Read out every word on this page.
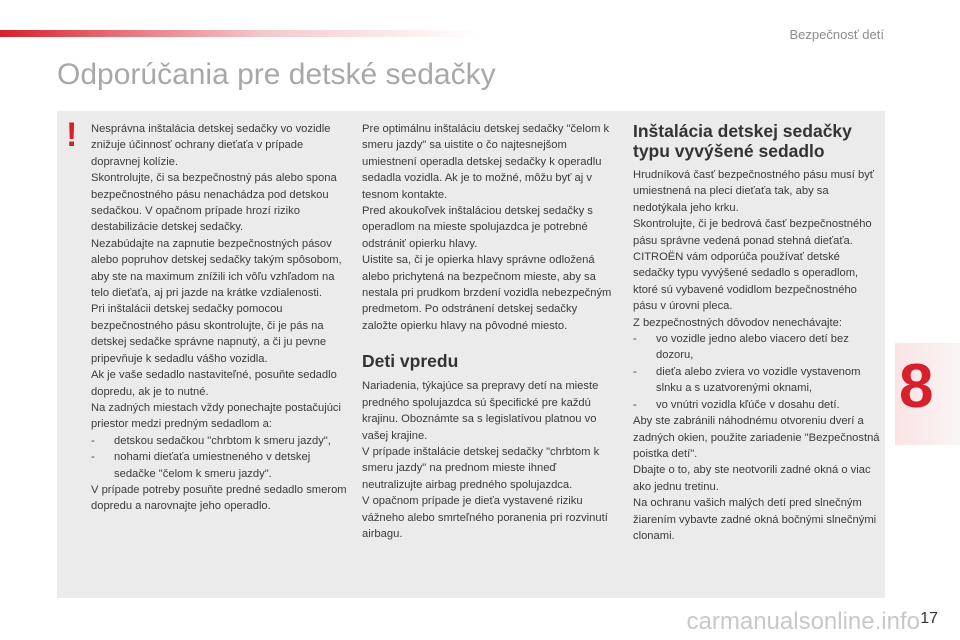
Bezpečnosť detí
Odporúčania pre detské sedačky
! Nesprávna inštalácia detskej sedačky vo vozidle znižuje účinnosť ochrany dieťaťa v prípade dopravnej kolízie.

Skontrolujte, či sa bezpečnostný pás alebo spona bezpečnostného pásu nenachádza pod detskou sedačkou. V opačnom prípade hrozí riziko destabilizácie detskej sedačky.

Nezabúdajte na zapnutie bezpečnostných pásov alebo popruhov detskej sedačky takým spôsobom, aby ste na maximum znížili ich vôľu vzhľadom na telo dieťaťa, aj pri jazde na krátke vzdialenosti.

Pri inštalácii detskej sedačky pomocou bezpečnostného pásu skontrolujte, či je pás na detskej sedačke správne napnutý, a či ju pevne pripevňuje k sedadlu vášho vozidla.

Ak je vaše sedadlo nastaviteľné, posuňte sedadlo dopredu, ak je to nutné.

Na zadných miestach vždy ponechajte postačujúci priestor medzi predným sedadlom a:

- detskou sedačkou "chrbtom k smeru jazdy",
- nohami dieťaťa umiestneného v detskej sedačke "čelom k smeru jazdy".

V prípade potreby posuňte predné sedadlo smerom dopredu a narovnajte jeho operadlo.

Pre optimálnu inštaláciu detskej sedačky "čelom k smeru jazdy" sa uistite o čo najtesnejšom umiestnení operadla detskej sedačky k operadlu sedadla vozidla. Ak je to možné, môžu byť aj v tesnom kontakte.

Pred akoukoľvek inštaláciou detskej sedačky s operadlom na mieste spolujazdca je potrebné odstrániť opierku hlavy.

Uistite sa, či je opierka hlavy správne odložená alebo prichytená na bezpečnom mieste, aby sa nestala pri prudkom brzdení vozidla nebezpečným predmetom. Po odstránení detskej sedačky založte opierku hlavy na pôvodné miesto.

Deti vpredu

Nariadenia, týkajúce sa prepravy detí na mieste predného spolujazdca sú špecifické pre každú krajinu. Oboznámte sa s legislatívou platnou vo vašej krajine.

V prípade inštalácie detskej sedačky "chrbtom k smeru jazdy" na prednom mieste ihneď neutralizujte airbag predného spolujazdca.

V opačnom prípade je dieťa vystavené riziku vážneho alebo smrteľného poranenia pri rozvinutí airbagu.

Inštalácia detskej sedačky typu vyvýšené sedadlo

Hrudníková časť bezpečnostného pásu musí byť umiestnená na pleci dieťaťa tak, aby sa nedotýkala jeho krku.

Skontrolujte, či je bedrová časť bezpečnostného pásu správne vedená ponad stehná dieťaťa.

CITROËN vám odporúča používať detské sedačky typu vyvýšené sedadlo s operadlom, ktoré sú vybavené vodidlom bezpečnostného pásu v úrovni pleca.

Z bezpečnostných dôvodov nenechávajte:

- vo vozidle jedno alebo viacero detí bez dozoru,
- dieťa alebo zviera vo vozidle vystavenom slnku a s uzatvorenými oknami,
- vo vnútri vozidla kľúče v dosahu detí.

Aby ste zabránili náhodnému otvoreniu dverí a zadných okien, použite zariadenie "Bezpečnostná poistka detí".

Dbajte o to, aby ste neotvorili zadné okná o viac ako jednu tretinu.

Na ochranu vašich malých detí pred slnečným žiarením vybavte zadné okná bočnými slnečnými clonami.

8
carmanualsonline.info 17
